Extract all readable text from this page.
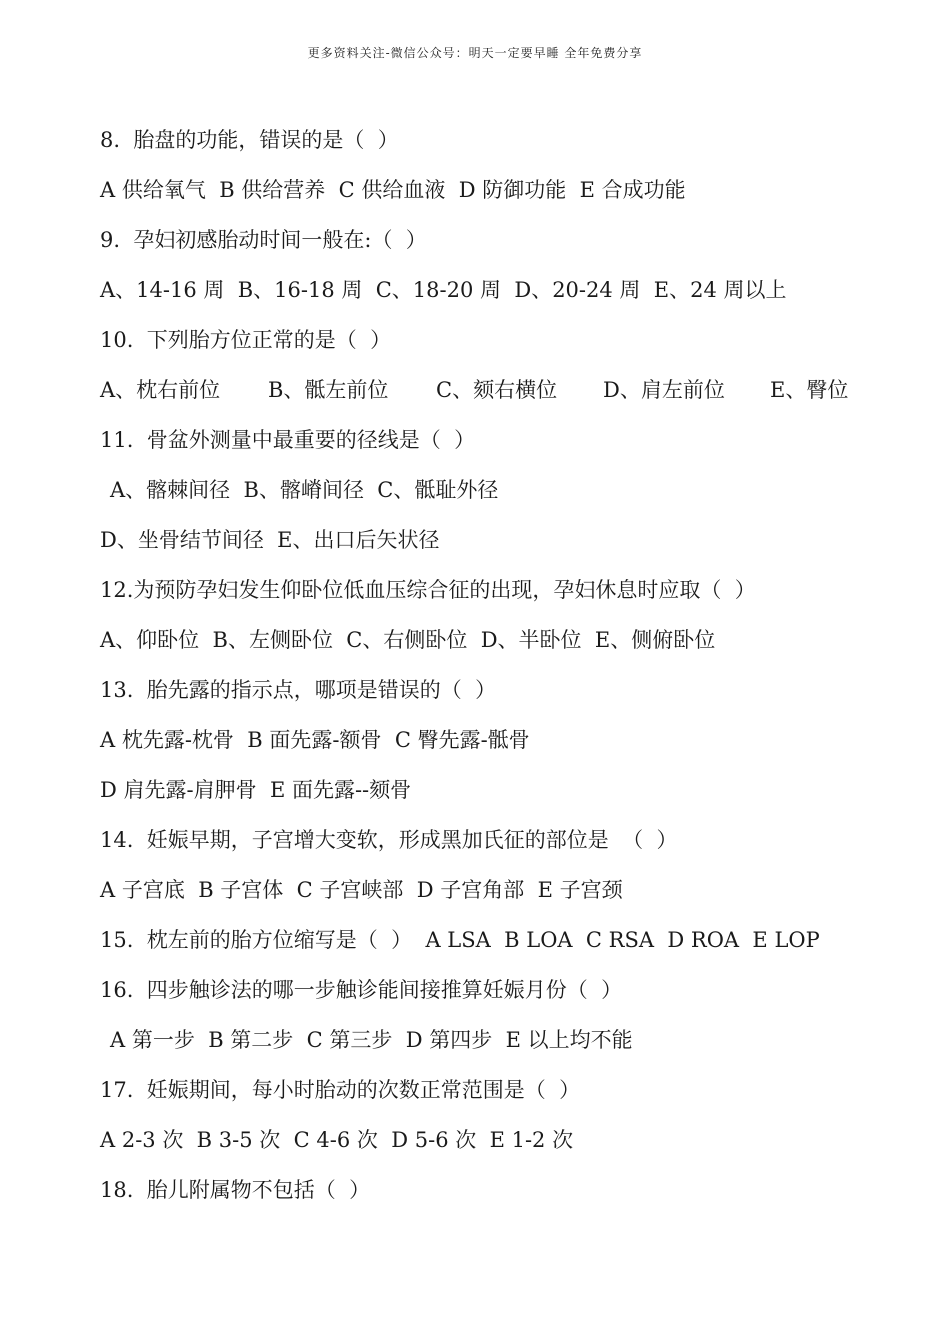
更多资料关注-微信公众号：明天一定要早睡 全年免费分享
8.  胎盘的功能，错误的是（  ）
A 供给氧气  B 供给营养  C 供给血液  D 防御功能  E 合成功能
9.  孕妇初感胎动时间一般在:（  ）
A、14-16 周  B、16-18 周  C、18-20 周  D、20-24 周  E、24 周以上
10.  下列胎方位正常的是（  ）
A、枕右前位 B、骶左前位 C、颏右横位 D、肩左前位 E、臀位
11.  骨盆外测量中最重要的径线是（  ）
A、髂棘间径  B、髂嵴间径  C、骶耻外径
D、坐骨结节间径  E、出口后矢状径
12.为预防孕妇发生仰卧位低血压综合征的出现，孕妇休息时应取（  ）
A、仰卧位  B、左侧卧位  C、右侧卧位  D、半卧位  E、侧俯卧位
13.  胎先露的指示点，哪项是错误的（  ）
A 枕先露-枕骨  B 面先露-额骨  C 臀先露-骶骨
D 肩先露-肩胛骨  E 面先露--颏骨
14.  妊娠早期，子宫增大变软，形成黑加氏征的部位是  （  ）
A 子宫底  B 子宫体  C 子宫峡部  D 子宫角部  E 子宫颈
15.  枕左前的胎方位缩写是（  ）  A LSA  B LOA  C RSA  D ROA  E LOP
16.  四步触诊法的哪一步触诊能间接推算妊娠月份（  ）
A 第一步  B 第二步  C 第三步  D 第四步  E 以上均不能
17.  妊娠期间，每小时胎动的次数正常范围是（  ）
A 2-3 次  B 3-5 次  C 4-6 次  D 5-6 次  E 1-2 次
18.  胎儿附属物不包括（  ）
